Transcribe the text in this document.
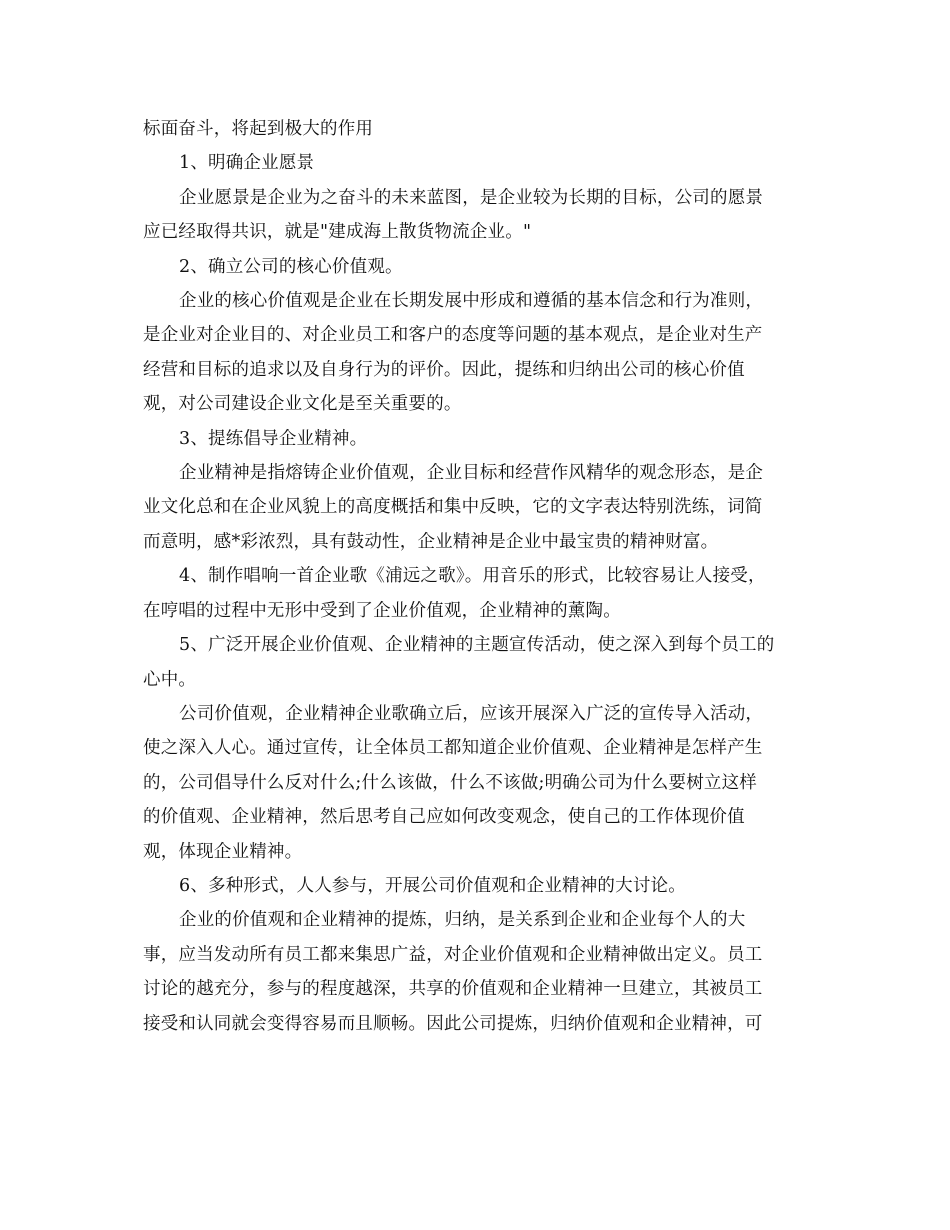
标面奋斗，将起到极大的作用

1、明确企业愿景

企业愿景是企业为之奋斗的未来蓝图，是企业较为长期的目标，公司的愿景

应已经取得共识，就是"建成海上散货物流企业。"

2、确立公司的核心价值观。

企业的核心价值观是企业在长期发展中形成和遵循的基本信念和行为准则，

是企业对企业目的、对企业员工和客户的态度等问题的基本观点，是企业对生产

经营和目标的追求以及自身行为的评价。因此，提练和归纳出公司的核心价值

观，对公司建设企业文化是至关重要的。

3、提练倡导企业精神。

企业精神是指熔铸企业价值观，企业目标和经营作风精华的观念形态，是企

业文化总和在企业风貌上的高度概括和集中反映，它的文字表达特别洗练，词简

而意明，感*彩浓烈，具有鼓动性，企业精神是企业中最宝贵的精神财富。

4、制作唱响一首企业歌《浦远之歌》。用音乐的形式，比较容易让人接受，

在哼唱的过程中无形中受到了企业价值观，企业精神的薰陶。

5、广泛开展企业价值观、企业精神的主题宣传活动，使之深入到每个员工的

心中。

公司价值观，企业精神企业歌确立后，应该开展深入广泛的宣传导入活动，

使之深入人心。通过宣传，让全体员工都知道企业价值观、企业精神是怎样产生

的，公司倡导什么反对什么;什么该做，什么不该做;明确公司为什么要树立这样

的价值观、企业精神，然后思考自己应如何改变观念，使自己的工作体现价值

观，体现企业精神。

6、多种形式，人人参与，开展公司价值观和企业精神的大讨论。

企业的价值观和企业精神的提炼，归纳，是关系到企业和企业每个人的大

事，应当发动所有员工都来集思广益，对企业价值观和企业精神做出定义。员工

讨论的越充分，参与的程度越深，共享的价值观和企业精神一旦建立，其被员工

接受和认同就会变得容易而且顺畅。因此公司提炼，归纳价值观和企业精神，可
